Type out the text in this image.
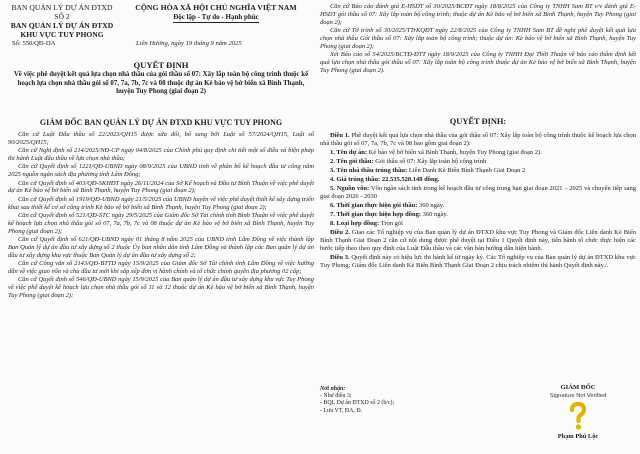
BAN QUẢN LÝ DỰ ÁN ĐTXD SỐ 2
BAN QUẢN LÝ DỰ ÁN ĐTXD
KHU VỰC TUY PHONG
CỘNG HÒA XÃ HỘI CHỦ NGHĨA VIỆT NAM
Độc lập - Tự do - Hạnh phúc
Số: 550/QĐ-DA	Liên Hương, ngày 19 tháng 9 năm 2025
QUYẾT ĐỊNH
Về việc phê duyệt kết quả lựa chọn nhà thầu của gói thầu số 07: Xây lắp toàn bộ công trình thuộc kế hoạch lựa chọn nhà thầu gói số 07, 7a, 7b, 7c và 08 thuộc dự án Kè bảo vệ bờ biển xã Bình Thạnh, huyện Tuy Phong (giai đoạn 2)
GIÁM ĐỐC BAN QUẢN LÝ DỰ ÁN ĐTXD KHU VỰC TUY PHONG

Căn cứ Luật Đấu thầu số 22/2023/QH15 được sửa đổi, bổ sung bởi Luật số 57/2024/QH15, Luật số 90/2025/QH15;

Căn cứ Nghị định số 214/2025/NĐ-CP ngày 04/8/2025 của Chính phủ quy định chi tiết một số điều và biện pháp thi hành Luật đấu thầu về lựa chọn nhà thầu;

Căn cứ Quyết định số 1221/QĐ-UBND ngày 08/9/2025 của UBND tỉnh về phân bổ kế hoạch đầu tư công năm 2025 nguồn ngân sách địa phương tỉnh Lâm Đồng;

Căn cứ Quyết định số 403/QĐ-SKHĐT ngày 26/11/2024 của Sở Kế hoạch và Đầu tư Bình Thuận về việc phê duyệt dự án Kè bảo vệ bờ biển xã Bình Thạnh, huyện Tuy Phong (giai đoạn 2);

Căn cứ Quyết định số 1919/QĐ-UBND ngày 21/5/2025 của UBND huyện về việc phê duyệt thiết kế xây dựng triển khai sau thiết kế cơ sở công trình Kè bảo vệ bờ biển xã Bình Thạnh, huyện Tuy Phong (giai đoạn 2);

Căn cứ Quyết định số 521/QĐ-STC ngày 29/5/2025 của Giám đốc Sở Tài chính tỉnh Bình Thuận về việc phê duyệt kế hoạch lựa chọn nhà thầu gói số 07, 7a, 7b, 7c và 08 thuộc dự án Kè bảo vệ bờ biển xã Bình Thạnh, huyện Tuy Phong (giai đoạn 2);

Căn cứ Quyết định số 621/QĐ-UBND ngày 01 tháng 8 năm 2025 của UBND tỉnh Lâm Đồng về việc thành lập Ban Quản lý dự án đầu tư xây dựng số 2 thuộc Ủy ban nhân dân tỉnh Lâm Đồng và thành lập các Ban quản lý dự án đầu tư xây dựng khu vực thuộc Ban Quản lý dự án đầu tư xây dựng số 2;

Căn cứ Công văn số 2143/QĐ-BTTD ngày 15/9/2025 của Giám đốc Sở Tài chính tỉnh Lâm Đồng về việc hướng dẫn về việc giao vốn và chủ đầu tư mới khi sắp xếp đơn vị hành chính và tổ chức chính quyền địa phương 02 cấp;

Căn cứ Quyết định số 546/QĐ-UBND ngày 15/9/2025 của Ban quản lý dự án đầu tư xây dựng khu vực Tuy Phong về việc phê duyệt kế hoạch lựa chọn nhà thầu gói số 11 và 12 thuộc dự án Kè bảo vệ bờ biển xã Bình Thạnh, huyện Tuy Phong (giai đoạn 2);

Căn cứ Báo cáo đánh giá E-HSDT số 30/2025/BCĐT ngày 18/8/2025 của Công ty TNHH Sam BT v/v đánh giá E-HSDT gói thầu số 07: Xây lắp toàn bộ công trình; thuộc dự án Kè bảo vệ bờ biển xã Bình Thạnh, huyện Tuy Phong (giai đoạn 2);

Căn cứ Tờ trình số 30/2025/TTrKQĐT ngày 22/8/2025 của Công ty TNHH Sam BT đề nghị phê duyệt kết quả lựa chọn nhà thầu Gói thầu số 07: Xây lắp toàn bộ công trình; thuộc dự án: Kè bảo vệ bờ biển xã Bình Thạnh, huyện Tuy Phong (giai đoạn 2);

Xét Báo cáo số 54/2025/BCTĐ-ĐTT ngày 18/9/2025 của Công ty TNHH Đại Thời Thuận về báo cáo thẩm định kết quả lựa chọn nhà thầu gói thầu số 07: Xây lắp toàn bộ công trình thuộc dự án Kè bảo vệ bờ biển xã Bình Thạnh, huyện Tuy Phong (giai đoạn 2).

QUYẾT ĐỊNH:

Điều 1. Phê duyệt kết quả lựa chọn nhà thầu của gói thầu số 07: Xây lắp toàn bộ công trình thuộc kế hoạch lựa chọn nhà thầu gói số 07, 7a, 7b, 7c và 08 bao gồm giai đoạn 2):

1. Tên dự án: Kè bảo vệ bờ biển xã Bình Thạnh, huyện Tuy Phong (giai đoạn 2).

2. Tên gói thầu: Gói thầu số 07: Xây lắp toàn bộ công trình

3. Tên nhà thầu trúng thầu: Liên Danh Kè Biển Bình Thạnh Giai Đoạn 2

4. Giá trúng thầu: 22.535.528.148 đồng.

5. Nguồn vốn: Vốn ngân sách tỉnh trong kế hoạch đầu tư công trung hạn giai đoạn 2021 – 2025 và chuyển tiếp sang giai đoạn 2026 - 2030

6. Thời gian thực hiện gói thầu: 360 ngày.

7. Thời gian thực hiện hợp đồng: 360 ngày.

8. Loại hợp đồng: Trọn gói

Điều 2. Giao các Tổ nghiệp vụ của Ban quản lý dự án ĐTXD khu vực Tuy Phong và Giám đốc Liên danh Kè Biển Bình Thạnh Giai Đoạn 2 căn cứ nội dung được phê duyệt tại Điều 1 Quyết định này, tiến hành tổ chức thực hiện các bước tiếp theo theo quy định của Luật Đấu thầu và các văn bản hướng dẫn hiện hành.

Điều 3. Quyết định này có hiệu lực thi hành kể từ ngày ký. Các Tổ nghiệp vụ của Ban quản lý dự án ĐTXD khu vực Tuy Phong; Giám đốc Liên danh Kè Biển Bình Thạnh Giai Đoạn 2 chịu trách nhiệm thi hành Quyết định này./.

Nơi nhận:
- Như điều 3;
- BQL Dự án ĐTXD số 2 (b/c);
- Lưu VT, ĐA, Đ.
GIÁM ĐỐC
Signature Not Verified
Phạm Phú Lộc
